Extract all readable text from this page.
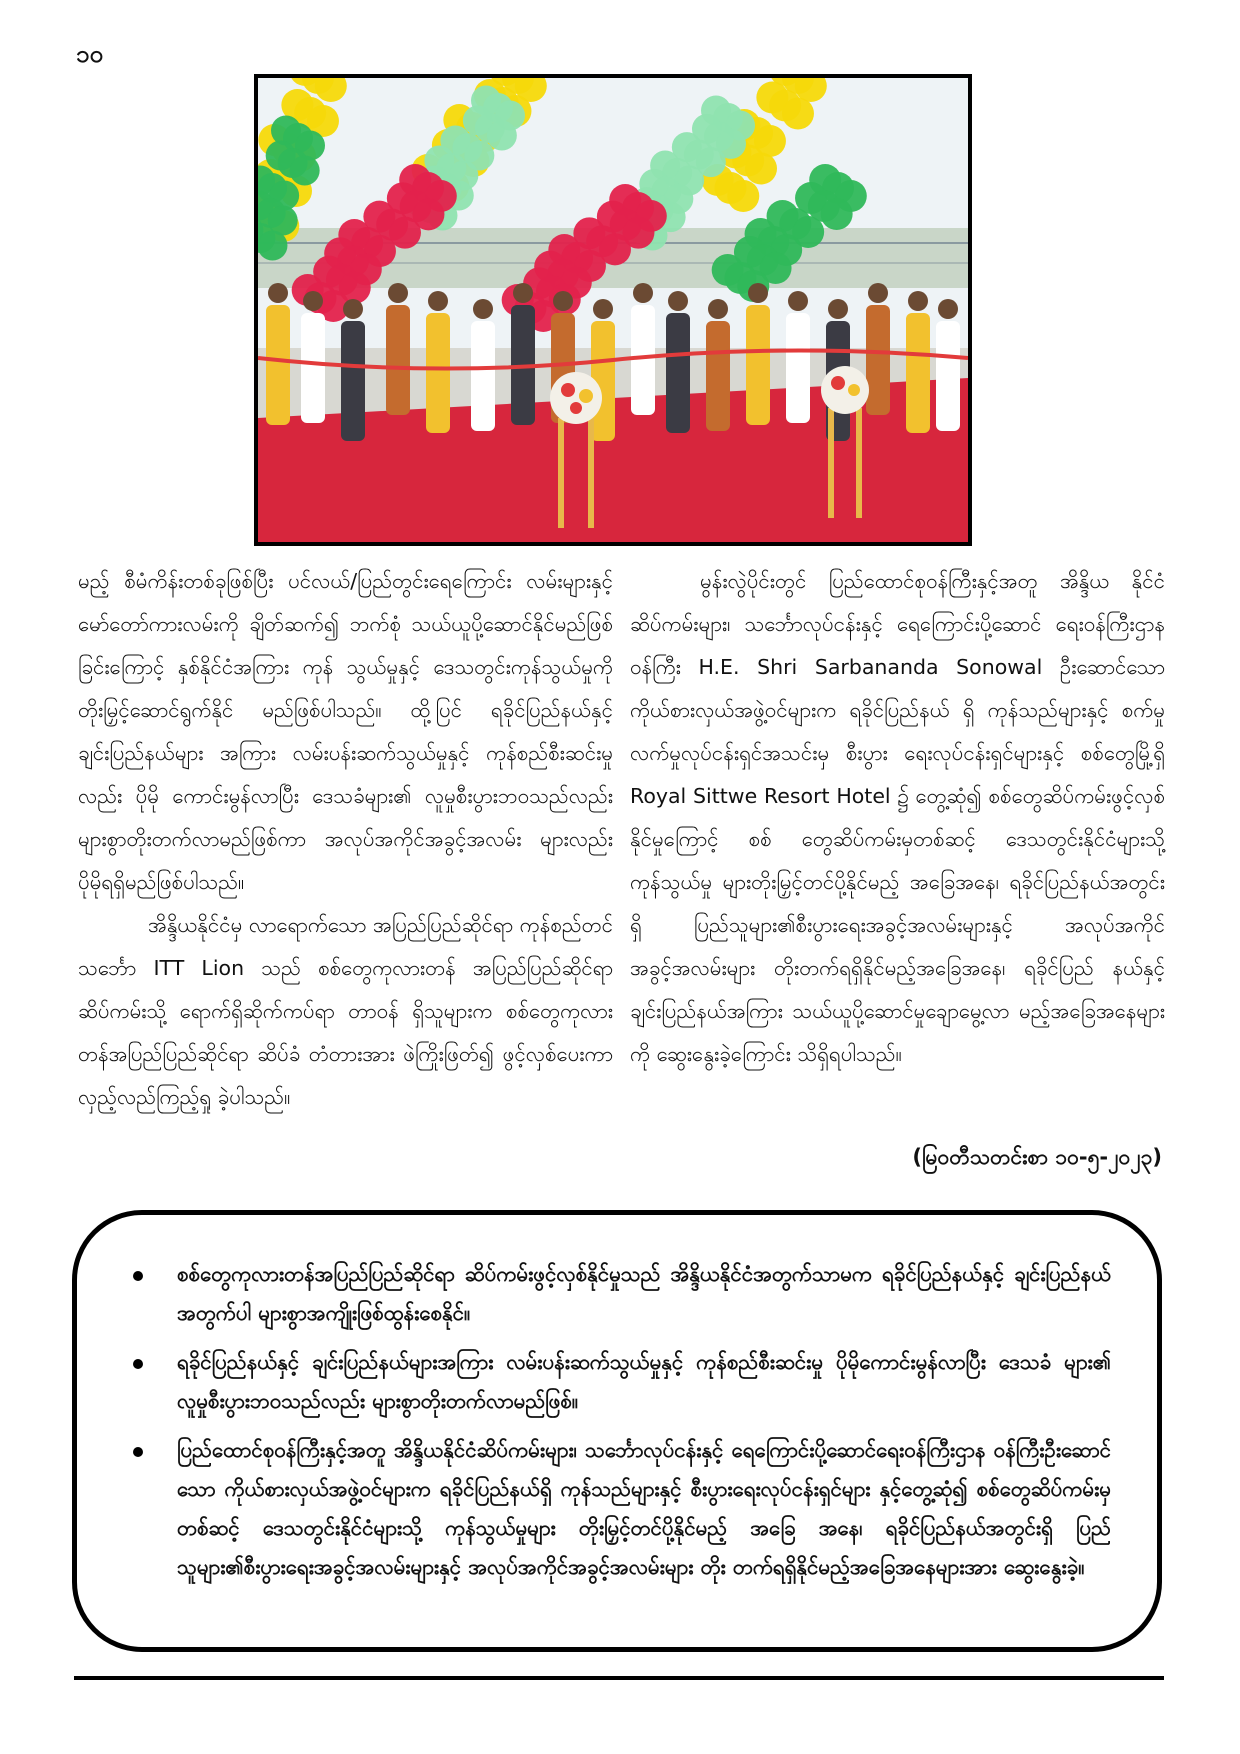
၁၀

မည့် စီမံကိန်းတစ်ခုဖြစ်ပြီး ပင်လယ်/ပြည်တွင်းရေကြောင်း လမ်းများနှင့် မော်တော်ကားလမ်းကို ချိတ်ဆက်၍ ဘက်စုံ သယ်ယူပို့ဆောင်နိုင်မည်ဖြစ်ခြင်းကြောင့် နှစ်နိုင်ငံအကြား ကုန် သွယ်မှုနှင့် ဒေသတွင်းကုန်သွယ်မှုကို တိုးမြှင့်ဆောင်ရွက်နိုင် မည်ဖြစ်ပါသည်။ ထို့ပြင် ရခိုင်ပြည်နယ်နှင့် ချင်းပြည်နယ်များ အကြား လမ်းပန်းဆက်သွယ်မှုနှင့် ကုန်စည်စီးဆင်းမှုလည်း ပိုမို ကောင်းမွန်လာပြီး ဒေသခံများ၏ လူမှုစီးပွားဘဝသည်လည်း များစွာတိုးတက်လာမည်ဖြစ်ကာ အလုပ်အကိုင်အခွင့်အလမ်း များလည်း ပိုမိုရရှိမည်ဖြစ်ပါသည်။

အိန္ဒိယနိုင်ငံမှ လာရောက်သော အပြည်ပြည်ဆိုင်ရာ ကုန်စည်တင်သင်္ဘော ITT Lion သည် စစ်တွေကုလားတန် အပြည်ပြည်ဆိုင်ရာဆိပ်ကမ်းသို့ ရောက်ရှိဆိုက်ကပ်ရာ တာဝန် ရှိသူများက စစ်တွေကုလားတန်အပြည်ပြည်ဆိုင်ရာ ဆိပ်ခံ တံတားအား ဖဲကြိုးဖြတ်၍ ဖွင့်လှစ်ပေးကာ လှည့်လည်ကြည့်ရှု ခဲ့ပါသည်။

မွန်းလွဲပိုင်းတွင် ပြည်ထောင်စုဝန်ကြီးနှင့်အတူ အိန္ဒိယ နိုင်ငံဆိပ်ကမ်းများ၊ သင်္ဘောလုပ်ငန်းနှင့် ရေကြောင်းပို့ဆောင် ရေးဝန်ကြီးဌာန ဝန်ကြီး H.E. Shri Sarbananda Sonowal ဦးဆောင်သော ကိုယ်စားလှယ်အဖွဲ့ဝင်များက ရခိုင်ပြည်နယ် ရှိ ကုန်သည်များနှင့် စက်မှုလက်မှုလုပ်ငန်းရှင်အသင်းမှ စီးပွား ရေးလုပ်ငန်းရှင်များနှင့် စစ်တွေမြို့ရှိ Royal Sittwe Resort Hotel ၌ တွေ့ဆုံ၍ စစ်တွေဆိပ်ကမ်းဖွင့်လှစ်နိုင်မှုကြောင့် စစ် တွေဆိပ်ကမ်းမှတစ်ဆင့် ဒေသတွင်းနိုင်ငံများသို့ ကုန်သွယ်မှု များတိုးမြှင့်တင်ပို့နိုင်မည့် အခြေအနေ၊ ရခိုင်ပြည်နယ်အတွင်း ရှိ ပြည်သူများ၏စီးပွားရေးအခွင့်အလမ်းများနှင့် အလုပ်အကိုင် အခွင့်အလမ်းများ တိုးတက်ရရှိနိုင်မည့်အခြေအနေ၊ ရခိုင်ပြည် နယ်နှင့် ချင်းပြည်နယ်အကြား သယ်ယူပို့ဆောင်မှုချောမွေ့လာ မည့်အခြေအနေများကို ဆွေးနွေးခဲ့ကြောင်း သိရှိရပါသည်။

(မြဝတီသတင်းစာ ၁၀-၅-၂၀၂၃)
စစ်တွေကုလားတန်အပြည်ပြည်ဆိုင်ရာ ဆိပ်ကမ်းဖွင့်လှစ်နိုင်မှုသည် အိန္ဒိယနိုင်ငံအတွက်သာမက ရခိုင်ပြည်နယ်နှင့် ချင်းပြည်နယ်အတွက်ပါ များစွာအကျိုးဖြစ်ထွန်းစေနိုင်။
ရခိုင်ပြည်နယ်နှင့် ချင်းပြည်နယ်များအကြား လမ်းပန်းဆက်သွယ်မှုနှင့် ကုန်စည်စီးဆင်းမှု ပိုမိုကောင်းမွန်လာပြီး ဒေသခံ များ၏ လူမှုစီးပွားဘဝသည်လည်း များစွာတိုးတက်လာမည်ဖြစ်။
ပြည်ထောင်စုဝန်ကြီးနှင့်အတူ အိန္ဒိယနိုင်ငံဆိပ်ကမ်းများ၊ သင်္ဘောလုပ်ငန်းနှင့် ရေကြောင်းပို့ဆောင်ရေးဝန်ကြီးဌာန ဝန်ကြီးဦးဆောင်သော ကိုယ်စားလှယ်အဖွဲ့ဝင်များက ရခိုင်ပြည်နယ်ရှိ ကုန်သည်များနှင့် စီးပွားရေးလုပ်ငန်းရှင်များ နှင့်တွေ့ဆုံ၍ စစ်တွေဆိပ်ကမ်းမှတစ်ဆင့် ဒေသတွင်းနိုင်ငံများသို့ ကုန်သွယ်မှုများ တိုးမြှင့်တင်ပို့နိုင်မည့် အခြေ အနေ၊ ရခိုင်ပြည်နယ်အတွင်းရှိ ပြည်သူများ၏စီးပွားရေးအခွင့်အလမ်းများနှင့် အလုပ်အကိုင်အခွင့်အလမ်းများ တိုး တက်ရရှိနိုင်မည့်အခြေအနေများအား ဆွေးနွေးခဲ့။
